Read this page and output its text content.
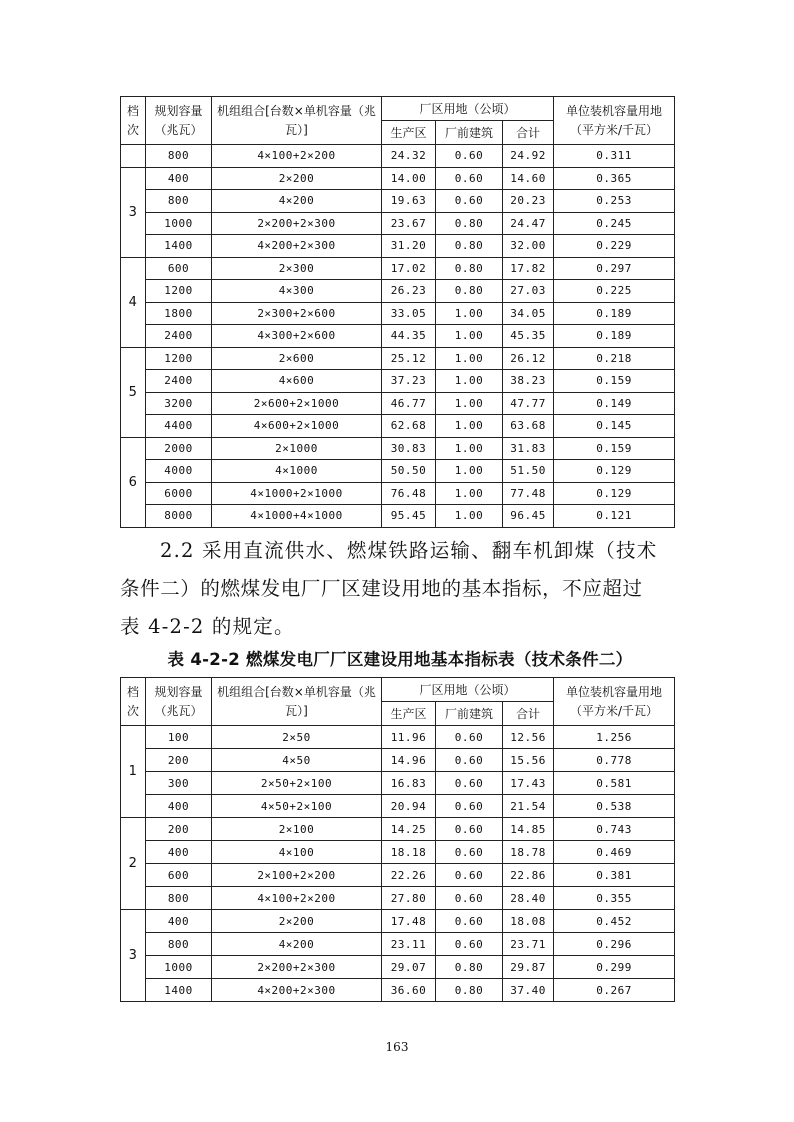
档次	规划容量（兆瓦）	机组组合[台数×单机容量（兆瓦）]	厂区用地（公顷）			单位装机容量用地（平方米/千瓦）
			生产区	厂前建筑	合计	
	800	4×100+2×200	24.32	0.60	24.92	0.311
3	400	2×200	14.00	0.60	14.60	0.365
	800	4×200	19.63	0.60	20.23	0.253
	1000	2×200+2×300	23.67	0.80	24.47	0.245
	1400	4×200+2×300	31.20	0.80	32.00	0.229
4	600	2×300	17.02	0.80	17.82	0.297
	1200	4×300	26.23	0.80	27.03	0.225
	1800	2×300+2×600	33.05	1.00	34.05	0.189
	2400	4×300+2×600	44.35	1.00	45.35	0.189
5	1200	2×600	25.12	1.00	26.12	0.218
	2400	4×600	37.23	1.00	38.23	0.159
	3200	2×600+2×1000	46.77	1.00	47.77	0.149
	4400	4×600+2×1000	62.68	1.00	63.68	0.145
6	2000	2×1000	30.83	1.00	31.83	0.159
	4000	4×1000	50.50	1.00	51.50	0.129
	6000	4×1000+2×1000	76.48	1.00	77.48	0.129
	8000	4×1000+4×1000	95.45	1.00	96.45	0.121
2.2 采用直流供水、燃煤铁路运输、翻车机卸煤（技术
条件二）的燃煤发电厂厂区建设用地的基本指标，不应超过
表 4-2-2 的规定。
表 4-2-2 燃煤发电厂厂区建设用地基本指标表（技术条件二）
档次	规划容量（兆瓦）	机组组合[台数×单机容量（兆瓦）]	厂区用地（公顷）			单位装机容量用地（平方米/千瓦）
			生产区	厂前建筑	合计	
1	100	2×50	11.96	0.60	12.56	1.256
	200	4×50	14.96	0.60	15.56	0.778
	300	2×50+2×100	16.83	0.60	17.43	0.581
	400	4×50+2×100	20.94	0.60	21.54	0.538
2	200	2×100	14.25	0.60	14.85	0.743
	400	4×100	18.18	0.60	18.78	0.469
	600	2×100+2×200	22.26	0.60	22.86	0.381
	800	4×100+2×200	27.80	0.60	28.40	0.355
3	400	2×200	17.48	0.60	18.08	0.452
	800	4×200	23.11	0.60	23.71	0.296
	1000	2×200+2×300	29.07	0.80	29.87	0.299
	1400	4×200+2×300	36.60	0.80	37.40	0.267
163
